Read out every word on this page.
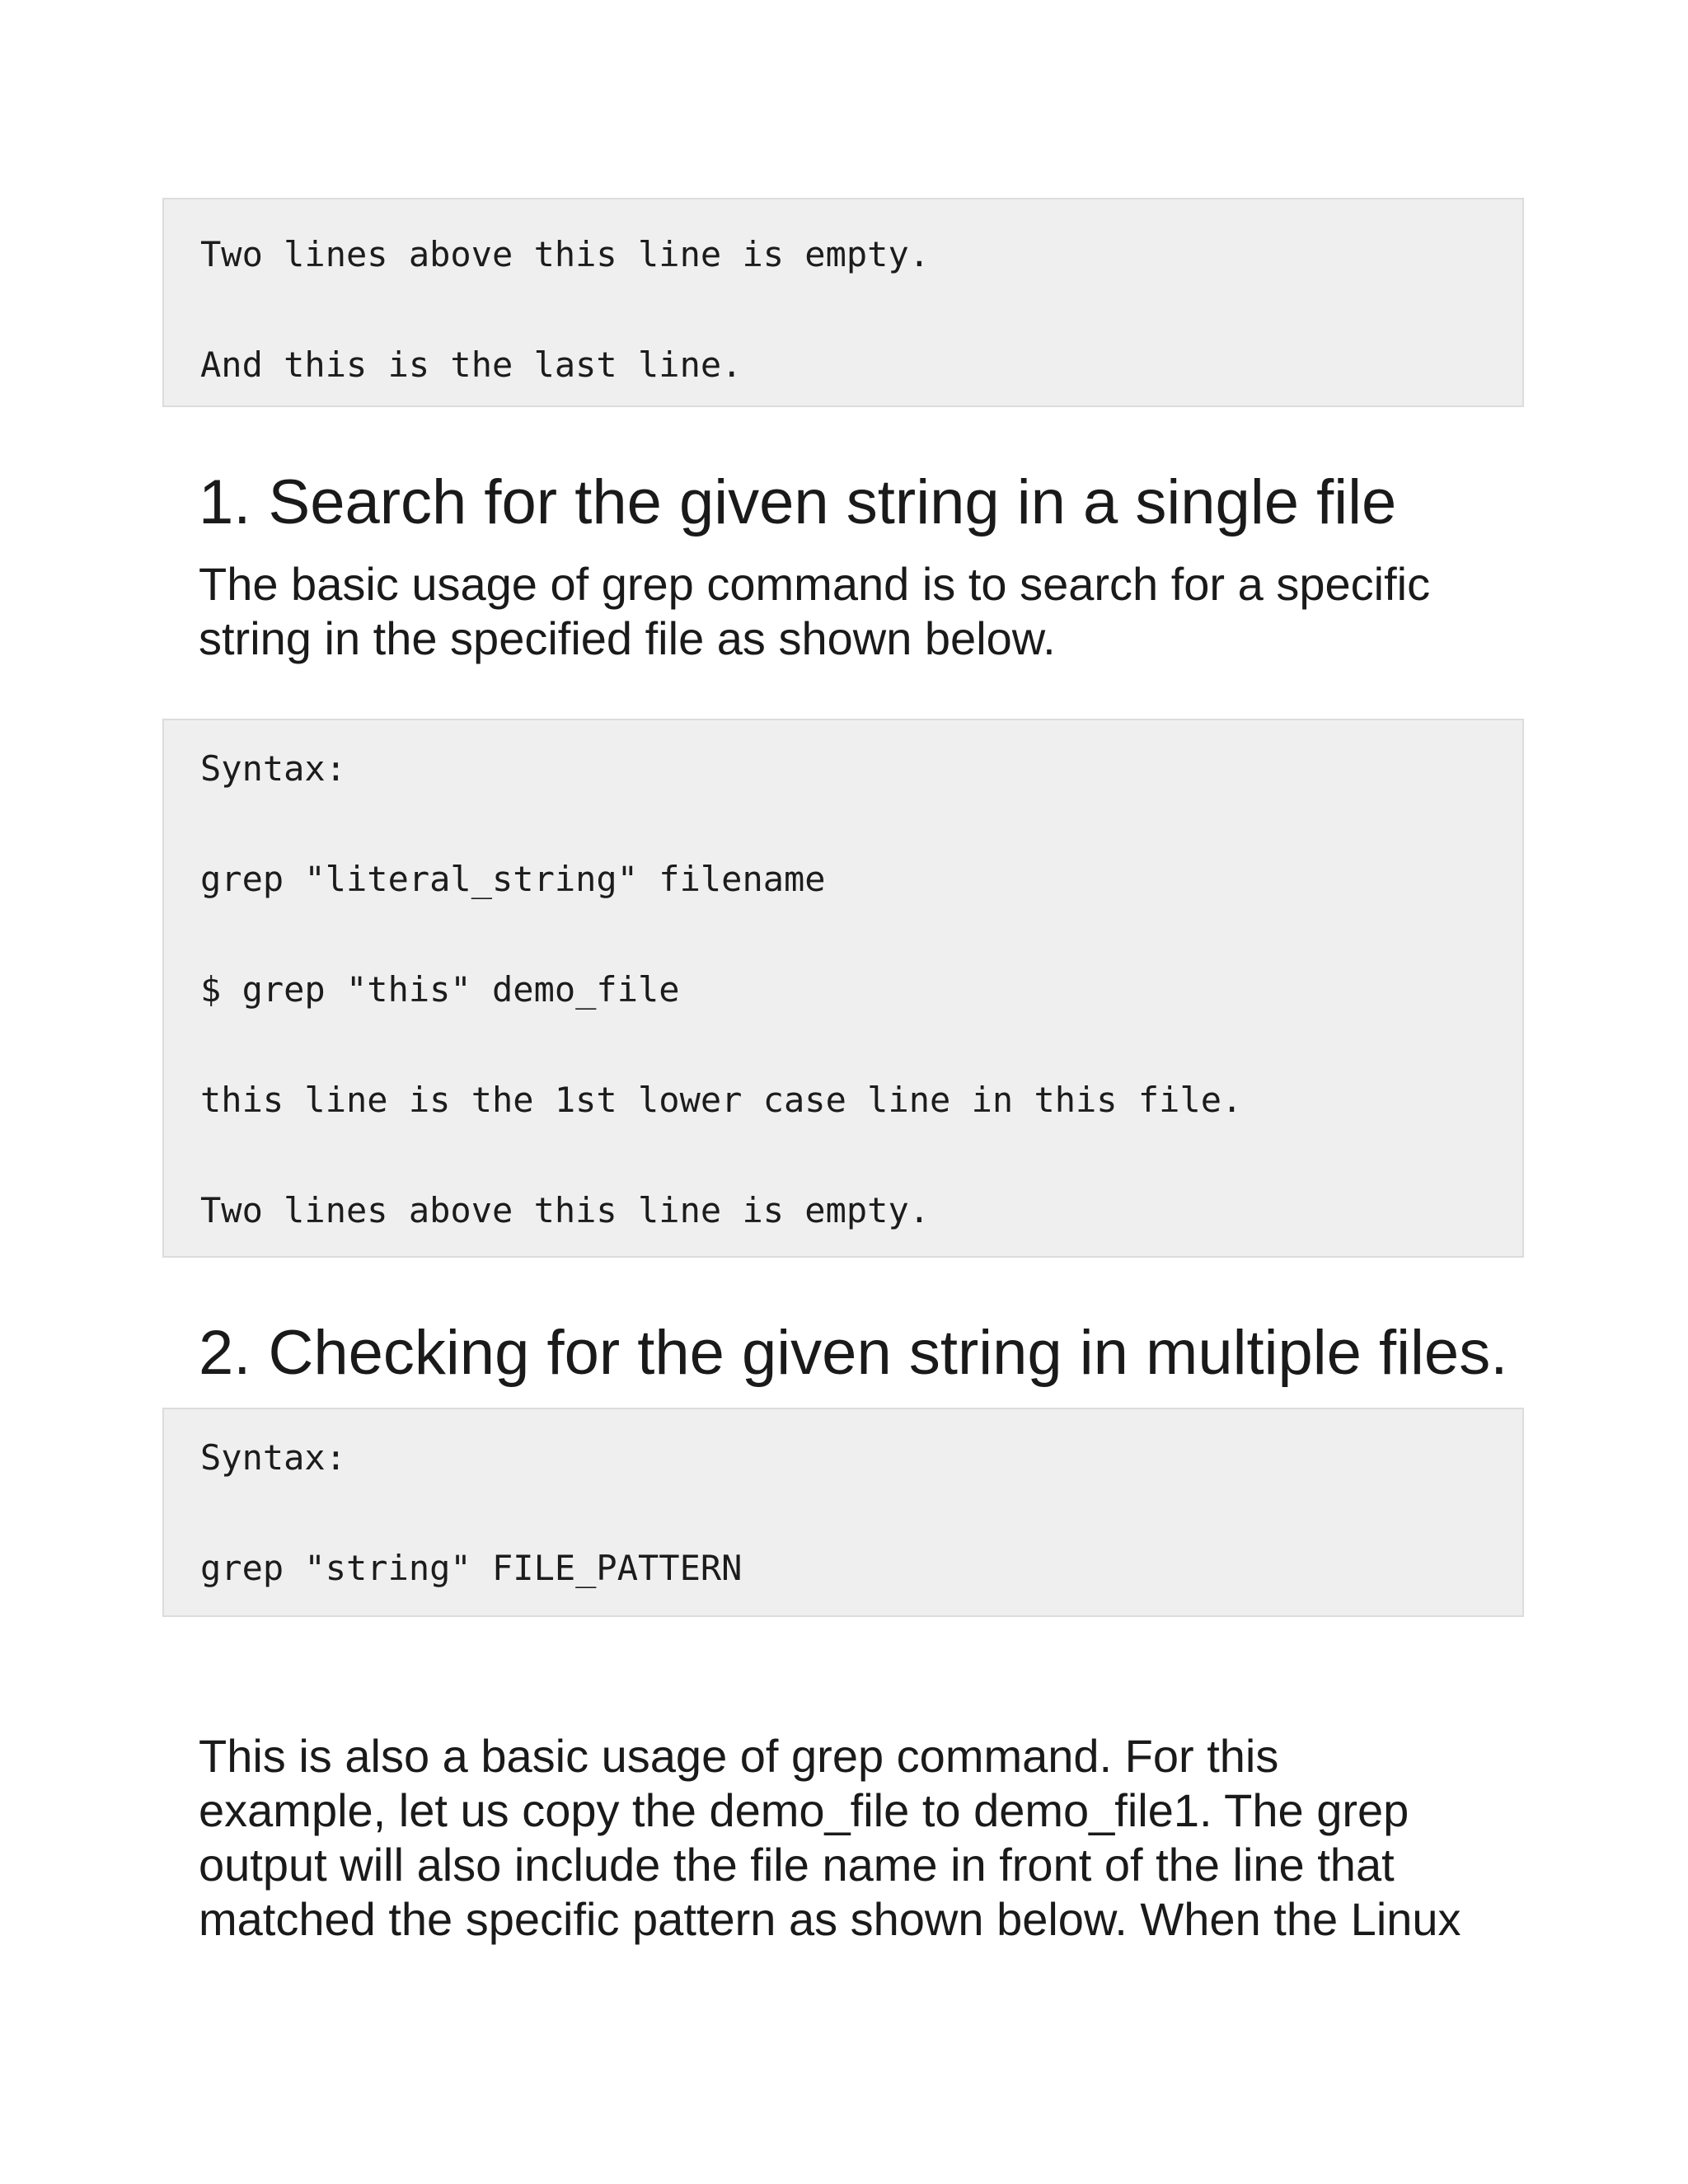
Two lines above this line is empty.
And this is the last line.
1. Search for the given string in a single file

The basic usage of grep command is to search for a specific
string in the specified file as shown below.

Syntax:
grep "literal_string" filename
$ grep "this" demo_file
this line is the 1st lower case line in this file.
Two lines above this line is empty.
2. Checking for the given string in multiple files.
Syntax:
grep "string" FILE_PATTERN

This is also a basic usage of grep command. For this
example, let us copy the demo_file to demo_file1. The grep
output will also include the file name in front of the line that
matched the specific pattern as shown below. When the Linux
